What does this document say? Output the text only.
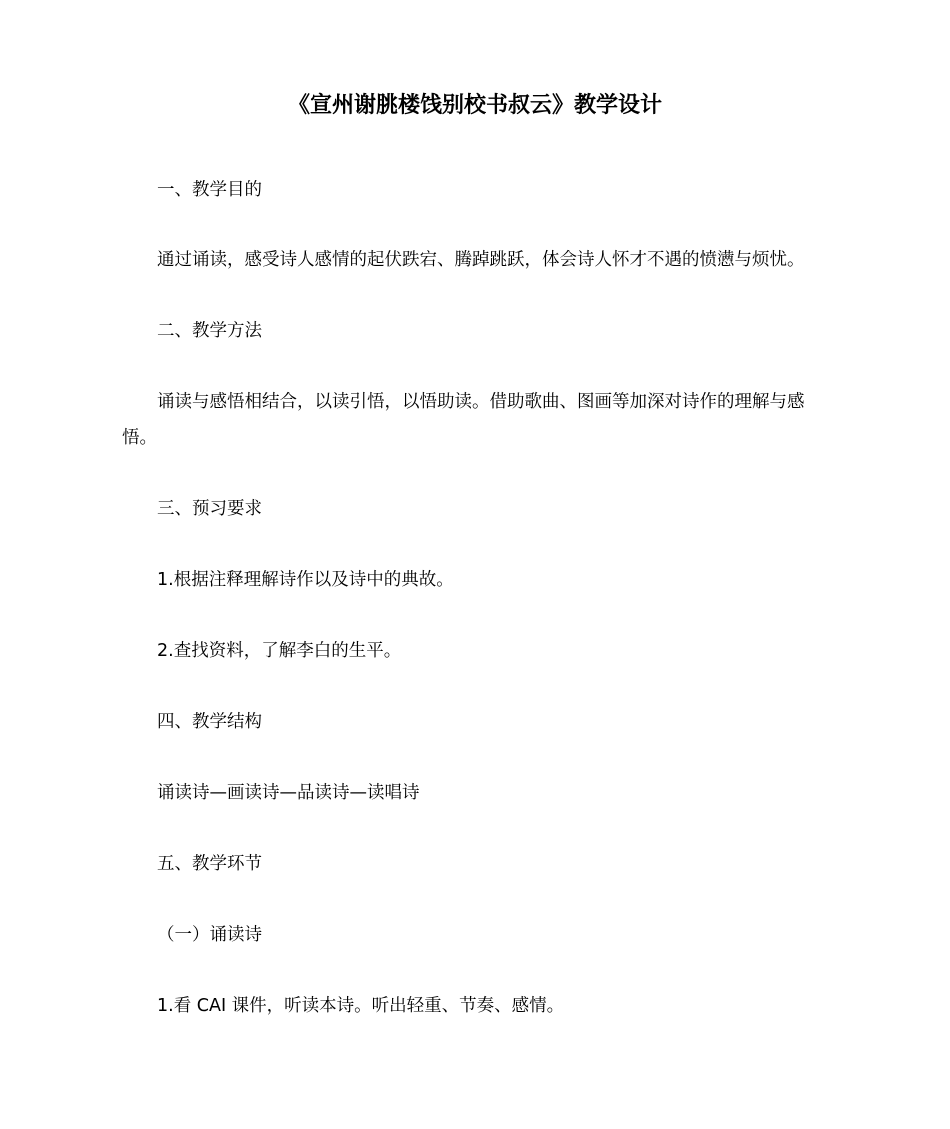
《宣州谢朓楼饯别校书叔云》教学设计
一、教学目的
通过诵读，感受诗人感情的起伏跌宕、腾踔跳跃，体会诗人怀才不遇的愤懑与烦忧。
二、教学方法
诵读与感悟相结合，以读引悟，以悟助读。借助歌曲、图画等加深对诗作的理解与感悟。
三、预习要求
1.根据注释理解诗作以及诗中的典故。
2.查找资料，了解李白的生平。
四、教学结构
诵读诗—画读诗—品读诗—读唱诗
五、教学环节
（一）诵读诗
1.看 CAI 课件，听读本诗。听出轻重、节奏、感情。
